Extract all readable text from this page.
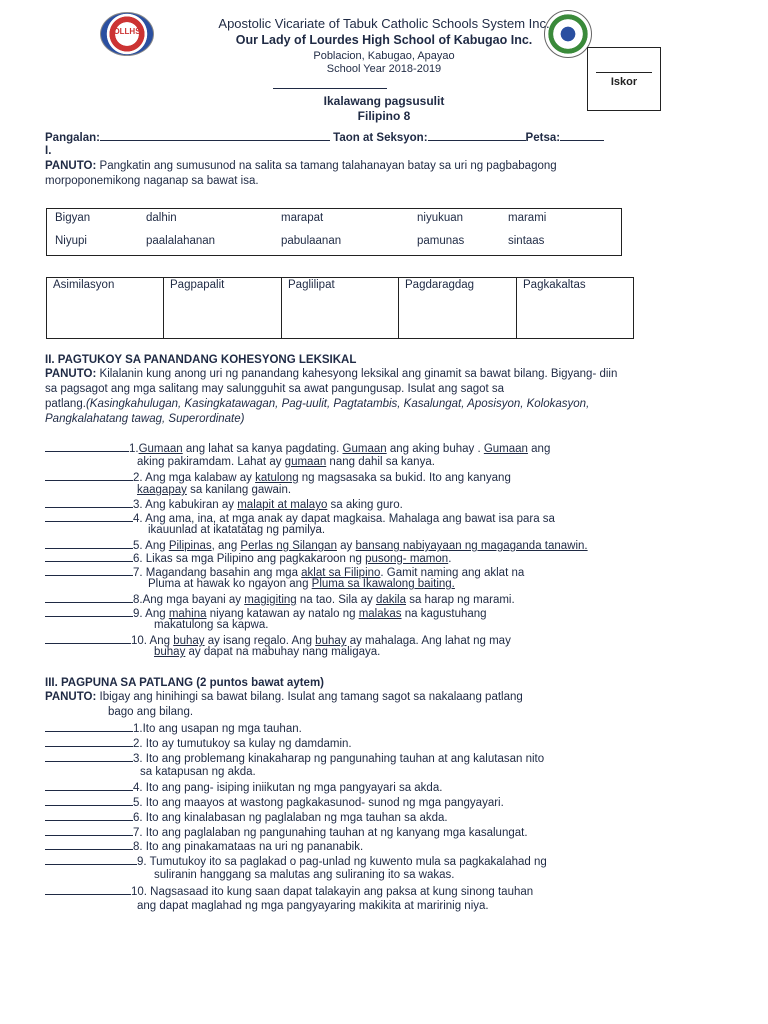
OLLHS
Apostolic Vicariate of Tabuk Catholic Schools System Inc.
Our Lady of Lourdes High School of Kabugao Inc.
Poblacion, Kabugao, Apayao
School Year 2018-2019
Ikalawang pagsusulit
Filipino 8
Iskor
Pangalan:	Taon at Seksyon:	Petsa:
I.
PANUTO: Pangkatin ang sumusunod na salita sa tamang talahanayan batay sa uri ng pagbabagong
morpoponemikong naganap sa bawat isa.
Bigyan	dalhin	marapat	niyukuan	marami
Niyupi	paalalahanan	pabulaanan	pamunas	sintaas
Asimilasyon	Pagpapalit	Paglilipat	Pagdaragdag	Pagkakaltas
II. PAGTUKOY SA PANANDANG KOHESYONG LEKSIKAL
PANUTO: Kilalanin kung anong uri ng panandang kahesyong leksikal ang ginamit sa bawat bilang. Bigyang- diin
sa pagsagot ang mga salitang may salungguhit sa awat pangungusap. Isulat ang sagot sa
patlang.(Kasingkahulugan, Kasingkatawagan, Pag-uulit, Pagtatambis, Kasalungat, Aposisyon, Kolokasyon,
Pangkalahatang tawag, Superordinate)
1.Gumaan ang lahat sa kanya pagdating. Gumaan ang aking buhay . Gumaan ang
aking pakiramdam. Lahat ay gumaan nang dahil sa kanya.
2. Ang mga kalabaw ay katulong ng magsasaka sa bukid. Ito ang kanyang
kaagapay sa kanilang gawain.
3. Ang kabukiran ay malapit at malayo sa aking guro.
4. Ang ama, ina, at mga anak ay dapat magkaisa. Mahalaga ang bawat isa para sa
ikauunlad at ikatatatag ng pamilya.
5. Ang Pilipinas, ang Perlas ng Silangan ay bansang nabiyayaan ng magaganda tanawin.
6. Likas sa mga Pilipino ang pagkakaroon ng pusong- mamon.
7. Magandang basahin ang mga aklat sa Filipino. Gamit naming ang aklat na
Pluma at hawak ko ngayon ang Pluma sa Ikawalong baiting.
8.Ang mga bayani ay magigiting na tao. Sila ay dakila sa harap ng marami.
9. Ang mahina niyang katawan ay natalo ng malakas na kagustuhang
makatulong sa kapwa.
10. Ang buhay ay isang regalo. Ang buhay ay mahalaga. Ang lahat ng may
buhay ay dapat na mabuhay nang maligaya.
III. PAGPUNA SA PATLANG (2 puntos bawat aytem)
PANUTO: Ibigay ang hinihingi sa bawat bilang. Isulat ang tamang sagot sa nakalaang patlang
bago ang bilang.
1.Ito ang usapan ng mga tauhan.
2. Ito ay tumutukoy sa kulay ng damdamin.
3. Ito ang problemang kinakaharap ng pangunahing tauhan at ang kalutasan nito
sa katapusan ng akda.
4. Ito ang pang- isiping iniikutan ng mga pangyayari sa akda.
5. Ito ang maayos at wastong pagkakasunod- sunod ng mga pangyayari.
6. Ito ang kinalabasan ng paglalaban ng mga tauhan sa akda.
7. Ito ang paglalaban ng pangunahing tauhan at ng kanyang mga kasalungat.
8. Ito ang pinakamataas na uri ng pananabik.
9. Tumutukoy ito sa paglakad o pag-unlad ng kuwento mula sa pagkakalahad ng
suliranin hanggang sa malutas ang suliraning ito sa wakas.
10. Nagsasaad ito kung saan dapat talakayin ang paksa at kung sinong tauhan
ang dapat maglahad ng mga pangyayaring makikita at maririnig niya.
